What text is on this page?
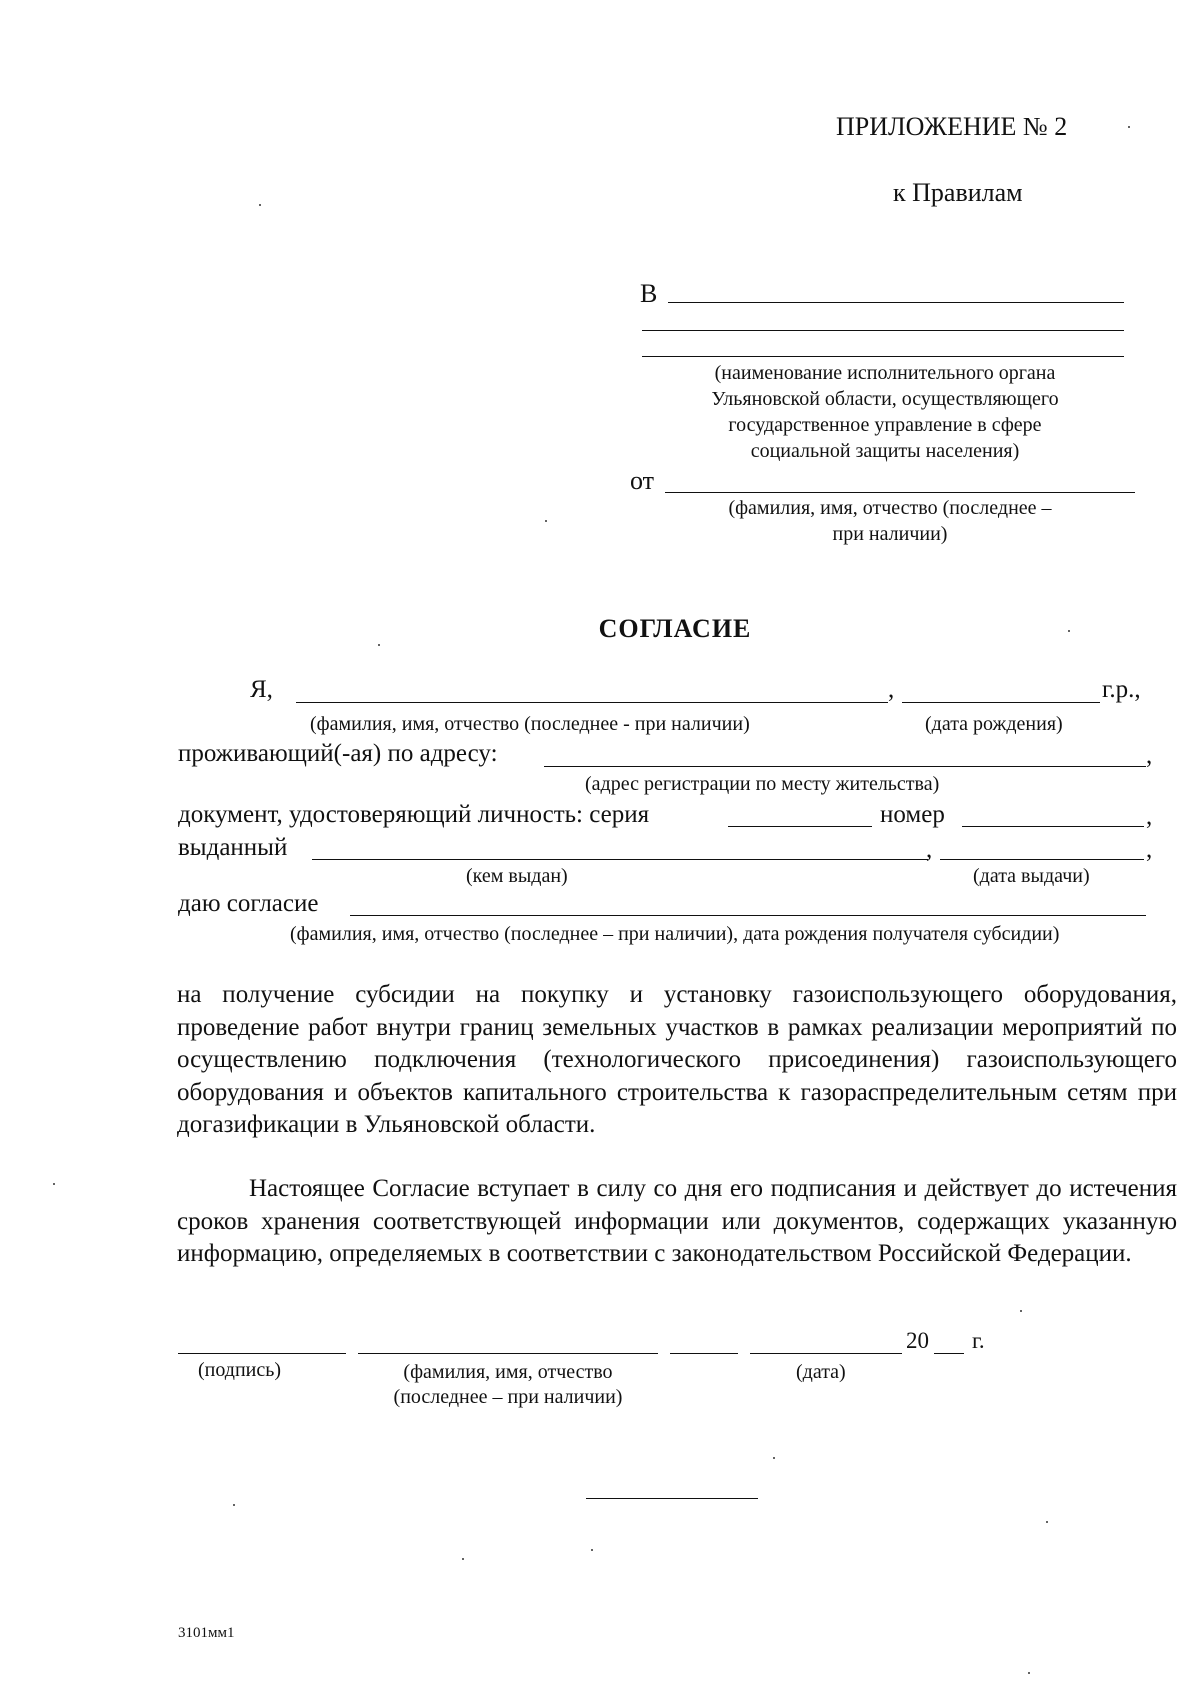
ПРИЛОЖЕНИЕ № 2
к Правилам
В
(наименование исполнительного органа
Ульяновской области, осуществляющего
государственное управление в сфере
социальной защиты населения)
от
(фамилия, имя, отчество (последнее –
при наличии)
СОГЛАСИЕ
Я,	,	г.р.,
(фамилия, имя, отчество (последнее - при наличии)	(дата рождения)
проживающий(-ая) по адресу:	,
(адрес регистрации по месту жительства)
документ, удостоверяющий личность: серия	номер	,
выданный	,	,
(кем выдан)	(дата выдачи)
даю согласие
(фамилия, имя, отчество (последнее – при наличии), дата рождения получателя субсидии)
на получение субсидии на покупку и установку газоиспользующего оборудования, проведение работ внутри границ земельных участков в рамках реализации мероприятий по осуществлению подключения (технологического присоединения) газоиспользующего оборудования и объектов капитального строительства к газораспределительным сетям при догазификации в Ульяновской области.
Настоящее Согласие вступает в силу со дня его подписания и действует до истечения сроков хранения соответствующей информации или документов, содержащих указанную информацию, определяемых в соответствии с законодательством Российской Федерации.
20 г.
(подпись)	(фамилия, имя, отчество
(последнее – при наличии)
(дата)
3101мм1
